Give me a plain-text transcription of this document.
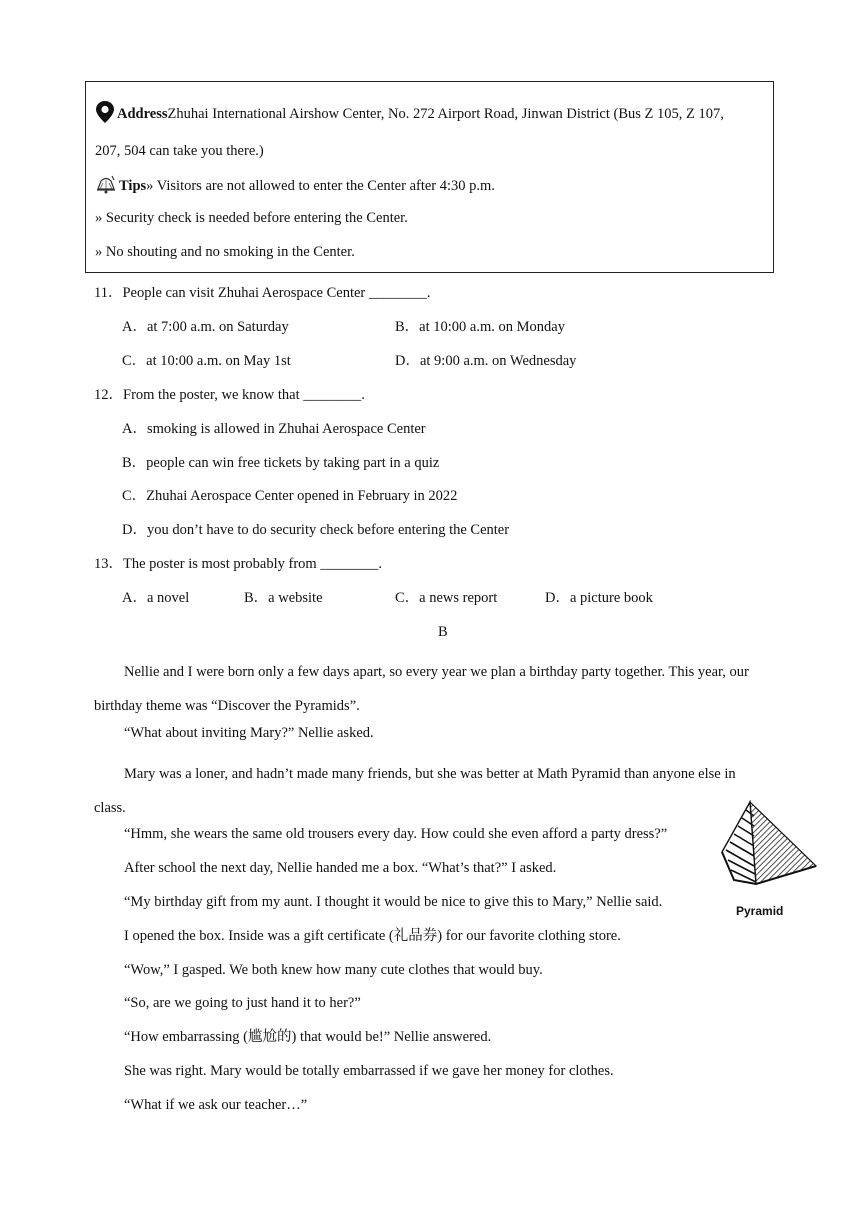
AddressZhuhai International Airshow Center, No. 272 Airport Road, Jinwan District (Bus Z 105, Z 107,
207, 504 can take you there.)
Tips» Visitors are not allowed to enter the Center after 4:30 p.m.
» Security check is needed before entering the Center.
» No shouting and no smoking in the Center.
11．People can visit Zhuhai Aerospace Center ________.
A．at 7:00 a.m. on Saturday	B．at 10:00 a.m. on Monday
C．at 10:00 a.m. on May 1st	D．at 9:00 a.m. on Wednesday
12．From the poster, we know that ________.
A．smoking is allowed in Zhuhai Aerospace Center
B．people can win free tickets by taking part in a quiz
C．Zhuhai Aerospace Center opened in February in 2022
D．you don’t have to do security check before entering the Center
13．The poster is most probably from ________.
A．a novel	B．a website	C．a news report	D．a picture book
B
Nellie and I were born only a few days apart, so every year we plan a birthday party together. This year, our birthday theme was “Discover the Pyramids”.
“What about inviting Mary?” Nellie asked.
Mary was a loner, and hadn’t made many friends, but she was better at Math Pyramid than anyone else in class.
“Hmm, she wears the same old trousers every day. How could she even afford a party dress?”
After school the next day, Nellie handed me a box. “What’s that?” I asked.
“My birthday gift from my aunt. I thought it would be nice to give this to Mary,” Nellie said.
I opened the box. Inside was a gift certificate (礼品券) for our favorite clothing store.
“Wow,” I gasped. We both knew how many cute clothes that would buy.
“So, are we going to just hand it to her?”
“How embarrassing (尴尬的) that would be!” Nellie answered.
She was right. Mary would be totally embarrassed if we gave her money for clothes.
“What if we ask our teacher…”
Pyramid
